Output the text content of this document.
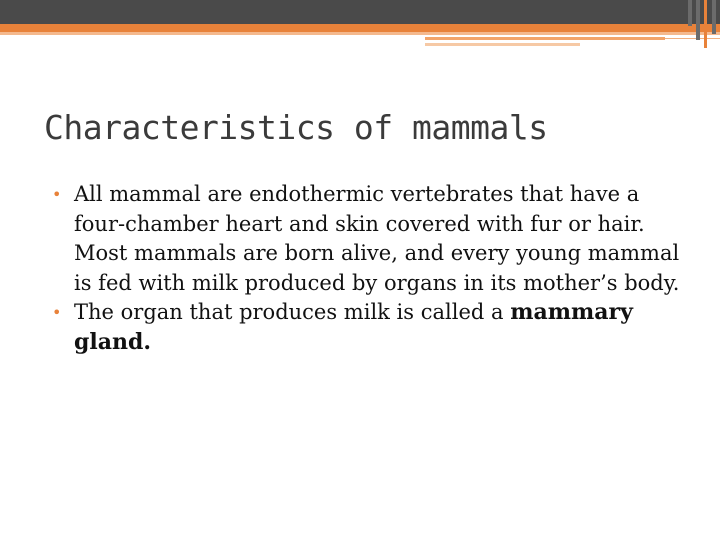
Characteristics of mammals
• All mammal are endothermic vertebrates that have a four-chamber heart and skin covered with fur or hair. Most mammals are born alive, and every young mammal is fed with milk produced by organs in its mother’s body.
• The organ that produces milk is called a mammary gland.
